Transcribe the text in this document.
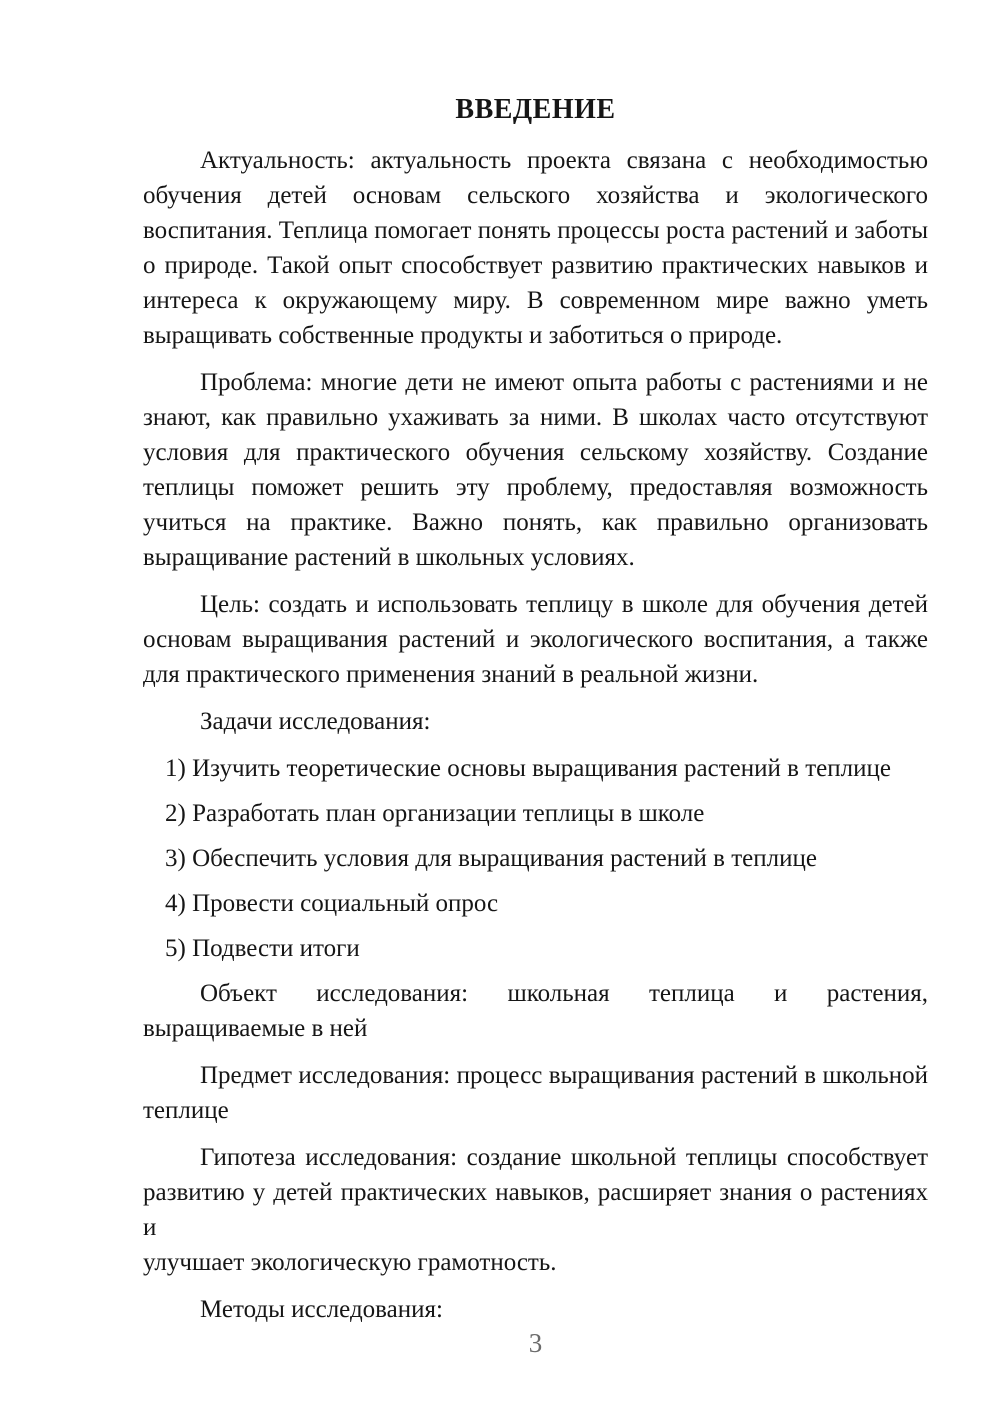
ВВЕДЕНИЕ
Актуальность: актуальность проекта связана с необходимостью
обучения детей основам сельского хозяйства и экологического
воспитания. Теплица помогает понять процессы роста растений и заботы
о природе. Такой опыт способствует развитию практических навыков и
интереса к окружающему миру. В современном мире важно уметь
выращивать собственные продукты и заботиться о природе.
Проблема: многие дети не имеют опыта работы с растениями и не
знают, как правильно ухаживать за ними. В школах часто отсутствуют
условия для практического обучения сельскому хозяйству. Создание
теплицы поможет решить эту проблему, предоставляя возможность
учиться на практике. Важно понять, как правильно организовать
выращивание растений в школьных условиях.
Цель: создать и использовать теплицу в школе для обучения детей
основам выращивания растений и экологического воспитания, а также
для практического применения знаний в реальной жизни.
Задачи исследования:
1) Изучить теоретические основы выращивания растений в теплице
2) Разработать план организации теплицы в школе
3) Обеспечить условия для выращивания растений в теплице
4) Провести социальный опрос
5) Подвести итоги
Объект исследования: школьная теплица и растения,
выращиваемые в ней
Предмет исследования: процесс выращивания растений в школьной
теплице
Гипотеза исследования: создание школьной теплицы способствует
развитию у детей практических навыков, расширяет знания о растениях и
улучшает экологическую грамотность.
Методы исследования:
3
